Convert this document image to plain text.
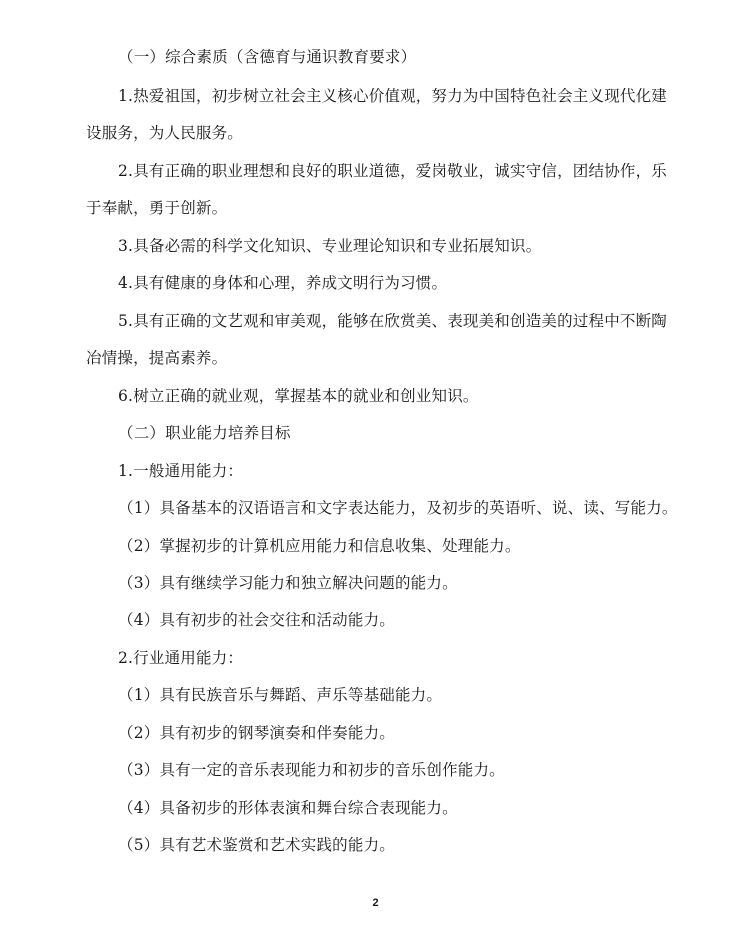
（一）综合素质（含德育与通识教育要求）
1.热爱祖国，初步树立社会主义核心价值观，努力为中国特色社会主义现代化建
设服务，为人民服务。
2.具有正确的职业理想和良好的职业道德，爱岗敬业，诚实守信，团结协作，乐
于奉献，勇于创新。
3.具备必需的科学文化知识、专业理论知识和专业拓展知识。
4.具有健康的身体和心理，养成文明行为习惯。
5.具有正确的文艺观和审美观，能够在欣赏美、表现美和创造美的过程中不断陶
冶情操，提高素养。
6.树立正确的就业观，掌握基本的就业和创业知识。
（二）职业能力培养目标
1.一般通用能力：
（1）具备基本的汉语语言和文字表达能力，及初步的英语听、说、读、写能力。
（2）掌握初步的计算机应用能力和信息收集、处理能力。
（3）具有继续学习能力和独立解决问题的能力。
（4）具有初步的社会交往和活动能力。
2.行业通用能力：
（1）具有民族音乐与舞蹈、声乐等基础能力。
（2）具有初步的钢琴演奏和伴奏能力。
（3）具有一定的音乐表现能力和初步的音乐创作能力。
（4）具备初步的形体表演和舞台综合表现能力。
（5）具有艺术鉴赏和艺术实践的能力。
2
